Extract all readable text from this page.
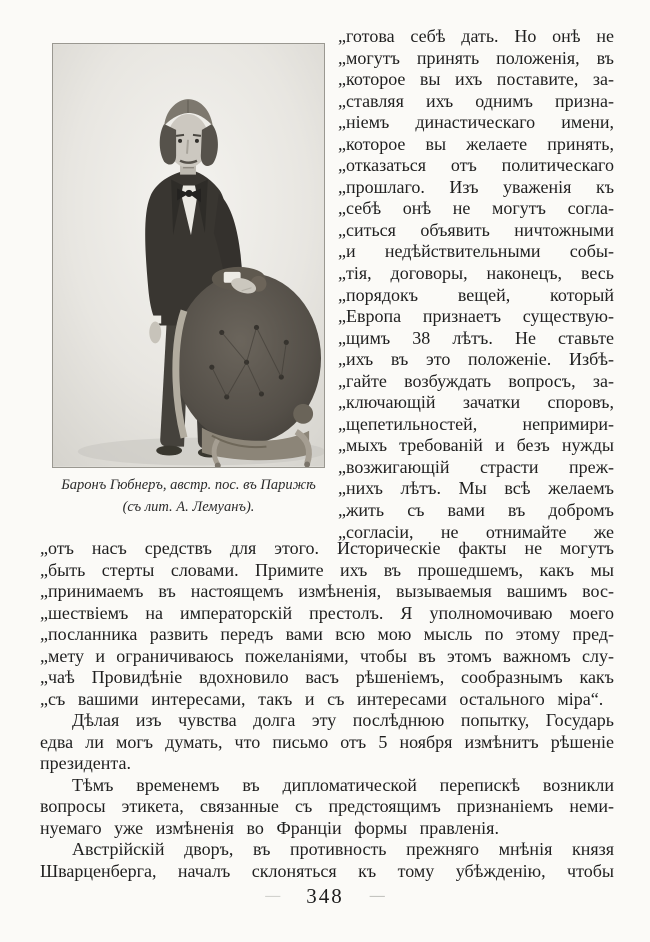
Баронъ Гюбнеръ, австр. пос. въ Парижѣ
(съ лит. А. Лемуанъ).
„готова себѣ дать. Но онѣ не
„могутъ принять положенія, въ
„которое вы ихъ поставите, за-
„ставляя ихъ однимъ призна-
„ніемъ династическаго имени,
„которое вы желаете принять,
„отказаться отъ политическаго
„прошлаго. Изъ уваженія къ
„себѣ онѣ не могутъ согла-
„ситься объявить ничтожными
„и недѣйствительными собы-
„тія, договоры, наконецъ, весь
„порядокъ вещей, который
„Европа признаетъ существую-
„щимъ 38 лѣтъ. Не ставьте
„ихъ въ это положеніе. Избѣ-
„гайте возбуждать вопросъ, за-
„ключающій зачатки споровъ,
„щепетильностей, непримири-
„мыхъ требованій и безъ нужды
„возжигающій страсти преж-
„нихъ лѣтъ. Мы всѣ желаемъ
„жить съ вами въ добромъ
„согласіи, не отнимайте же
„отъ насъ средствъ для этого. Историческіе факты не могутъ
„быть стерты словами. Примите ихъ въ прошедшемъ, какъ мы
„принимаемъ въ настоящемъ измѣненія, вызываемыя вашимъ вос-
„шествіемъ на императорскій престолъ. Я уполномочиваю моего
„посланника развить передъ вами всю мою мысль по этому пред-
„мету и ограничиваюсь пожеланіями, чтобы въ этомъ важномъ слу-
„чаѣ Провидѣніе вдохновило васъ рѣшеніемъ, сообразнымъ какъ
„съ вашими интересами, такъ и съ интересами остального міра“.
Дѣлая изъ чувства долга эту послѣднюю попытку, Государь
едва ли могъ думать, что письмо отъ 5 ноября измѣнитъ рѣшеніе
президента.
Тѣмъ временемъ въ дипломатической перепискѣ возникли
вопросы этикета, связанные съ предстоящимъ признаніемъ неми-
нуемаго уже измѣненія во Франціи формы правленія.
Австрійскій дворъ, въ противность прежняго мнѣнія князя
Шварценберга, началъ склоняться къ тому убѣжденію, чтобы
— 348 —
